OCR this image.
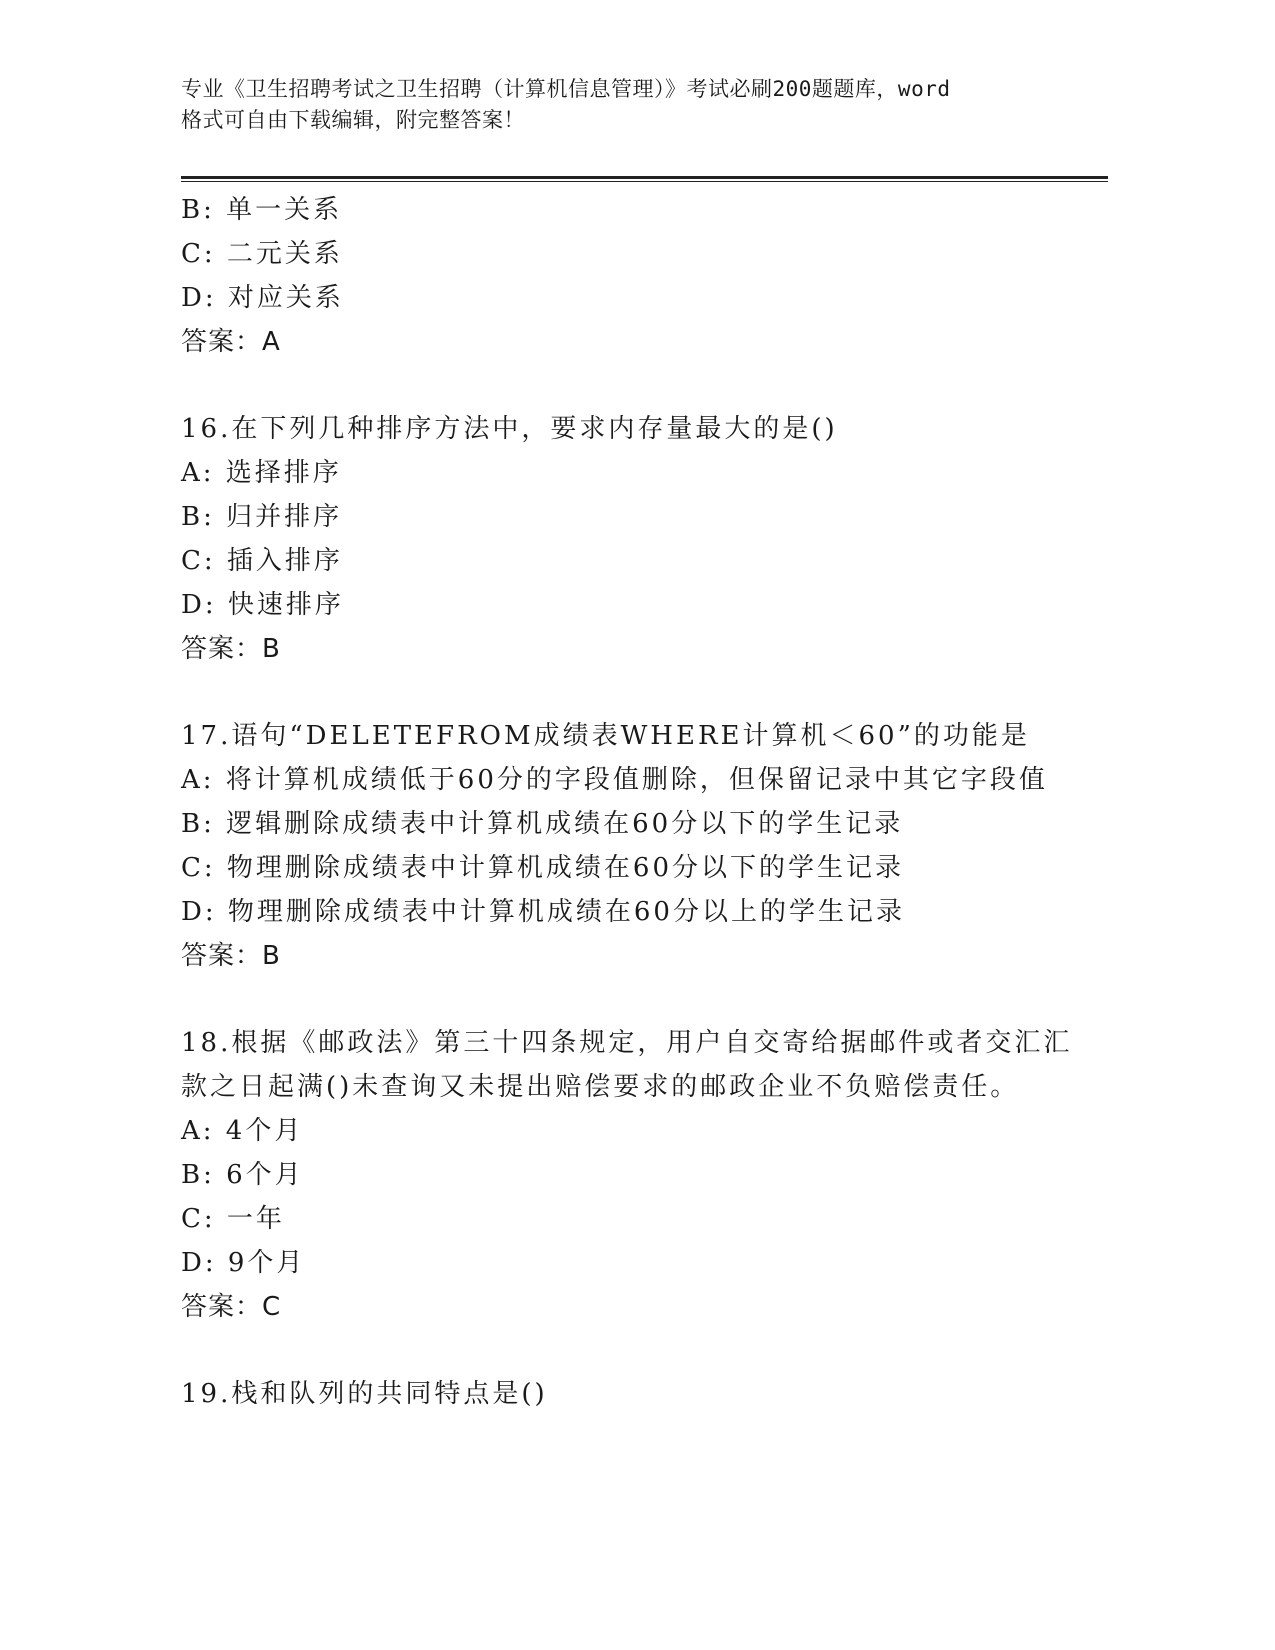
专业《卫生招聘考试之卫生招聘（计算机信息管理）》考试必刷200题题库，word
格式可自由下载编辑，附完整答案！
B: 单一关系
C: 二元关系
D: 对应关系
答案：A
16.在下列几种排序方法中，要求内存量最大的是()
A: 选择排序
B: 归并排序
C: 插入排序
D: 快速排序
答案：B
17.语句“DELETEFROM成绩表WHERE计算机＜60”的功能是
A: 将计算机成绩低于60分的字段值删除，但保留记录中其它字段值
B: 逻辑删除成绩表中计算机成绩在60分以下的学生记录
C: 物理删除成绩表中计算机成绩在60分以下的学生记录
D: 物理删除成绩表中计算机成绩在60分以上的学生记录
答案：B
18.根据《邮政法》第三十四条规定，用户自交寄给据邮件或者交汇汇
款之日起满()未查询又未提出赔偿要求的邮政企业不负赔偿责任。
A: 4个月
B: 6个月
C: 一年
D: 9个月
答案：C
19.栈和队列的共同特点是()
